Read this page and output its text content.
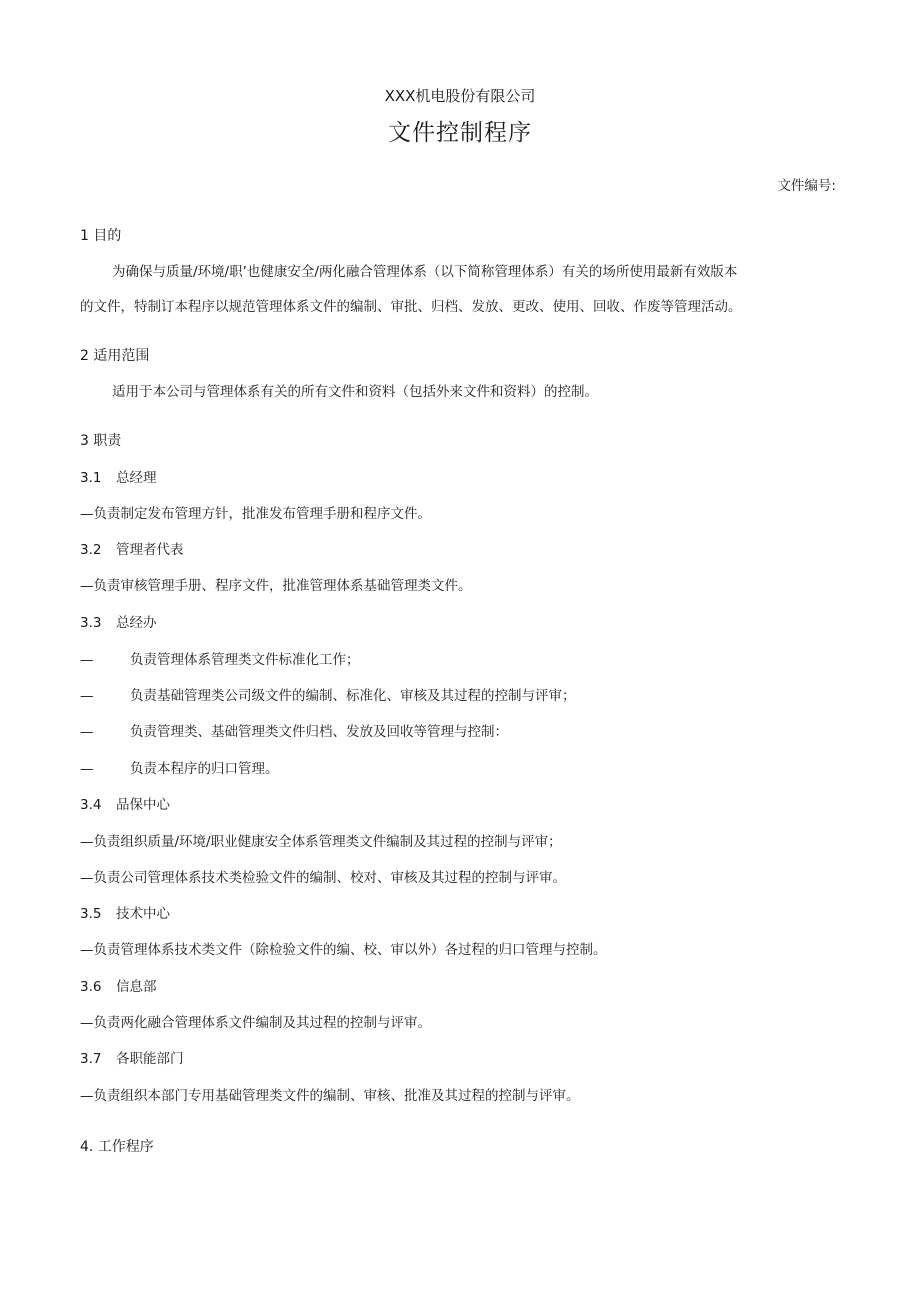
XXX机电股份有限公司
文件控制程序
文件编号:
1 目的
为确保与质量/环境/职’也健康安全/两化融合管理体系（以下简称管理体系）有关的场所使用最新有效版本
的文件，特制订本程序以规范管理体系文件的编制、审批、归档、发放、更改、使用、回收、作废等管理活动。
2 适用范围
适用于本公司与管理体系有关的所有文件和资料（包括外来文件和资料）的控制。
3 职责
3.1 总经理
—负责制定发布管理方针，批准发布管理手册和程序文件。
3.2 管理者代表
—负责审核管理手册、程序文件，批准管理体系基础管理类文件。
3.3 总经办
—	负责管理体系管理类文件标准化工作；
—	负责基础管理类公司级文件的编制、标准化、审核及其过程的控制与评审；
—	负责管理类、基础管理类文件归档、发放及回收等管理与控制：
—	负责本程序的归口管理。
3.4 品保中心
—负责组织质量/环境/职业健康安全体系管理类文件编制及其过程的控制与评审；
—负责公司管理体系技术类检验文件的编制、校对、审核及其过程的控制与评审。
3.5 技术中心
—负责管理体系技术类文件（除检验文件的编、校、审以外）各过程的归口管理与控制。
3.6 信息部
—负责两化融合管理体系文件编制及其过程的控制与评审。
3.7 各职能部门
—负责组织本部门专用基础管理类文件的编制、审核、批准及其过程的控制与评审。
4. 工作程序
